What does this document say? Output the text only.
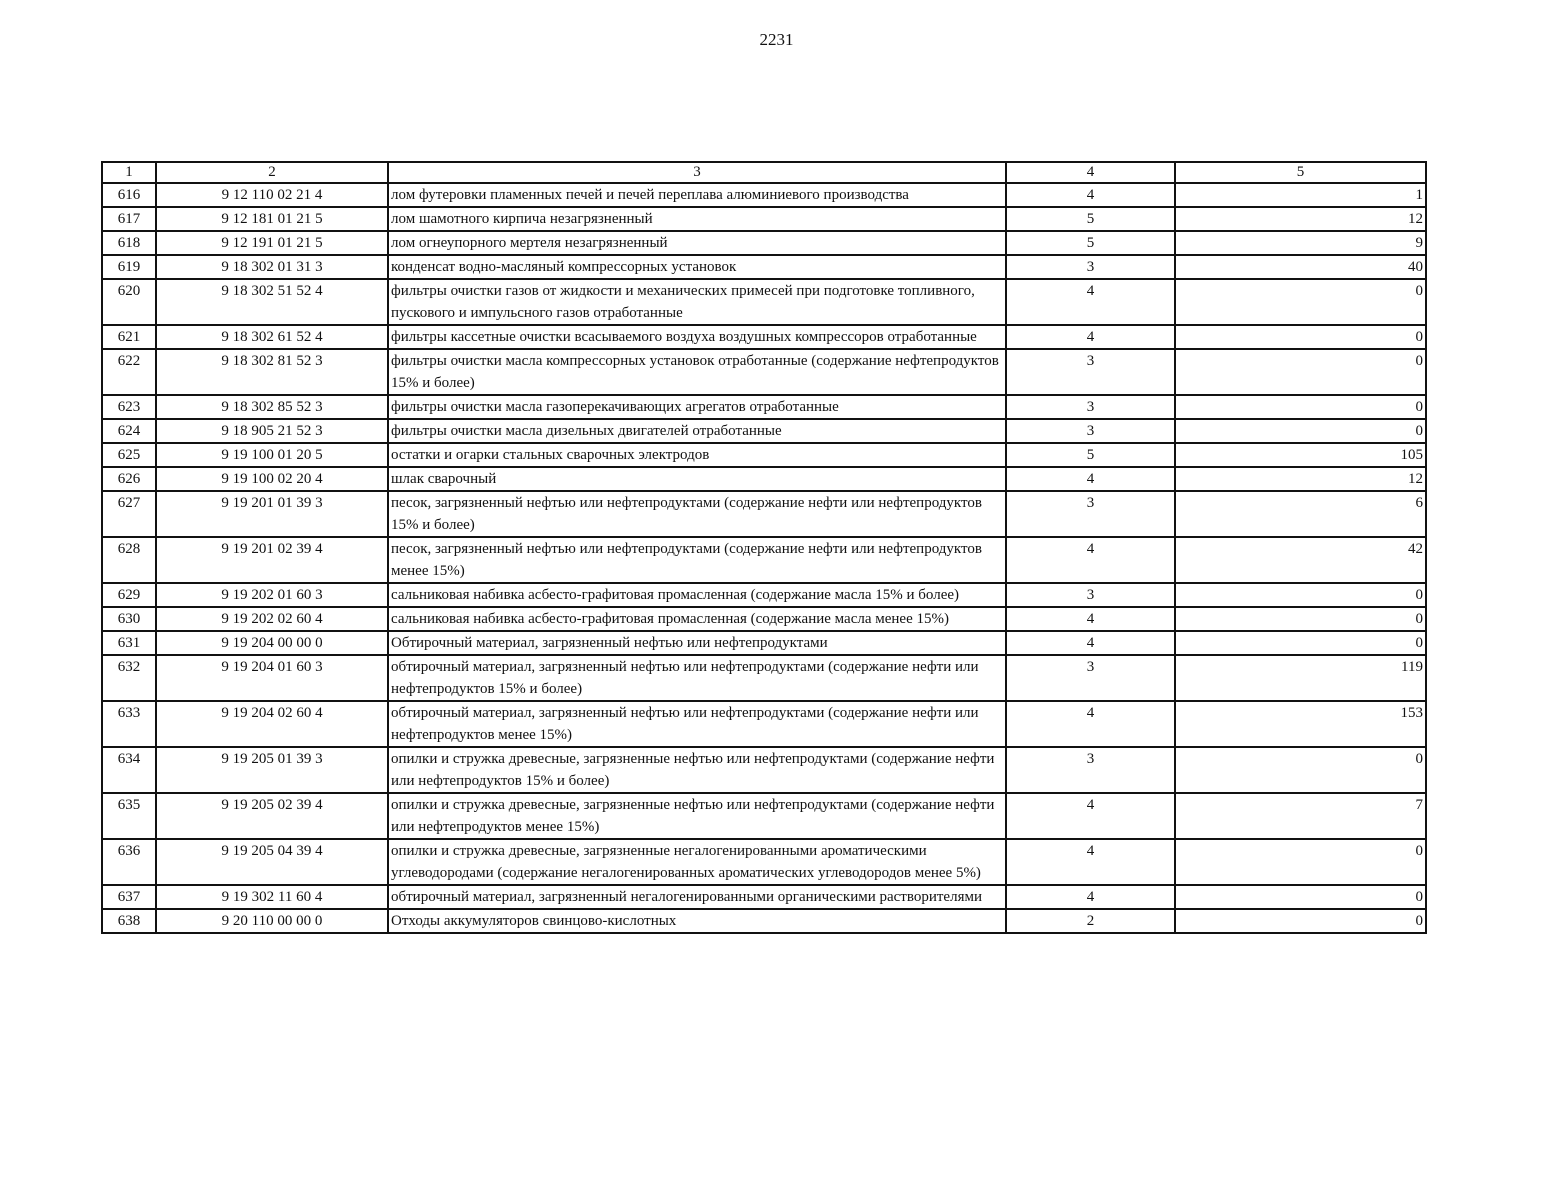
2231
1	2	3	4	5
616	9 12 110 02 21 4	лом футеровки пламенных печей и печей переплава алюминиевого производства	4	1
617	9 12 181 01 21 5	лом шамотного кирпича незагрязненный	5	12
618	9 12 191 01 21 5	лом огнеупорного мертеля незагрязненный	5	9
619	9 18 302 01 31 3	конденсат водно-масляный компрессорных установок	3	40
620	9 18 302 51 52 4	фильтры очистки газов от жидкости и механических примесей при подготовке топливного, пускового и импульсного газов отработанные	4	0
621	9 18 302 61 52 4	фильтры кассетные очистки всасываемого воздуха воздушных компрессоров отработанные	4	0
622	9 18 302 81 52 3	фильтры очистки масла компрессорных установок отработанные (содержание нефтепродуктов 15% и более)	3	0
623	9 18 302 85 52 3	фильтры очистки масла газоперекачивающих агрегатов отработанные	3	0
624	9 18 905 21 52 3	фильтры очистки масла дизельных двигателей отработанные	3	0
625	9 19 100 01 20 5	остатки и огарки стальных сварочных электродов	5	105
626	9 19 100 02 20 4	шлак сварочный	4	12
627	9 19 201 01 39 3	песок, загрязненный нефтью или нефтепродуктами (содержание нефти или нефтепродуктов 15% и более)	3	6
628	9 19 201 02 39 4	песок, загрязненный нефтью или нефтепродуктами (содержание нефти или нефтепродуктов менее 15%)	4	42
629	9 19 202 01 60 3	сальниковая набивка асбесто-графитовая промасленная (содержание масла 15% и более)	3	0
630	9 19 202 02 60 4	сальниковая набивка асбесто-графитовая промасленная (содержание масла менее 15%)	4	0
631	9 19 204 00 00 0	Обтирочный материал, загрязненный нефтью или нефтепродуктами	4	0
632	9 19 204 01 60 3	обтирочный материал, загрязненный нефтью или нефтепродуктами (содержание нефти или нефтепродуктов 15% и более)	3	119
633	9 19 204 02 60 4	обтирочный материал, загрязненный нефтью или нефтепродуктами (содержание нефти или нефтепродуктов менее 15%)	4	153
634	9 19 205 01 39 3	опилки и стружка древесные, загрязненные нефтью или нефтепродуктами (содержание нефти или нефтепродуктов 15% и более)	3	0
635	9 19 205 02 39 4	опилки и стружка древесные, загрязненные нефтью или нефтепродуктами (содержание нефти или нефтепродуктов менее 15%)	4	7
636	9 19 205 04 39 4	опилки и стружка древесные, загрязненные негалогенированными ароматическими углеводородами (содержание негалогенированных ароматических углеводородов менее 5%)	4	0
637	9 19 302 11 60 4	обтирочный материал, загрязненный негалогенированными органическими растворителями	4	0
638	9 20 110 00 00 0	Отходы аккумуляторов свинцово-кислотных	2	0
